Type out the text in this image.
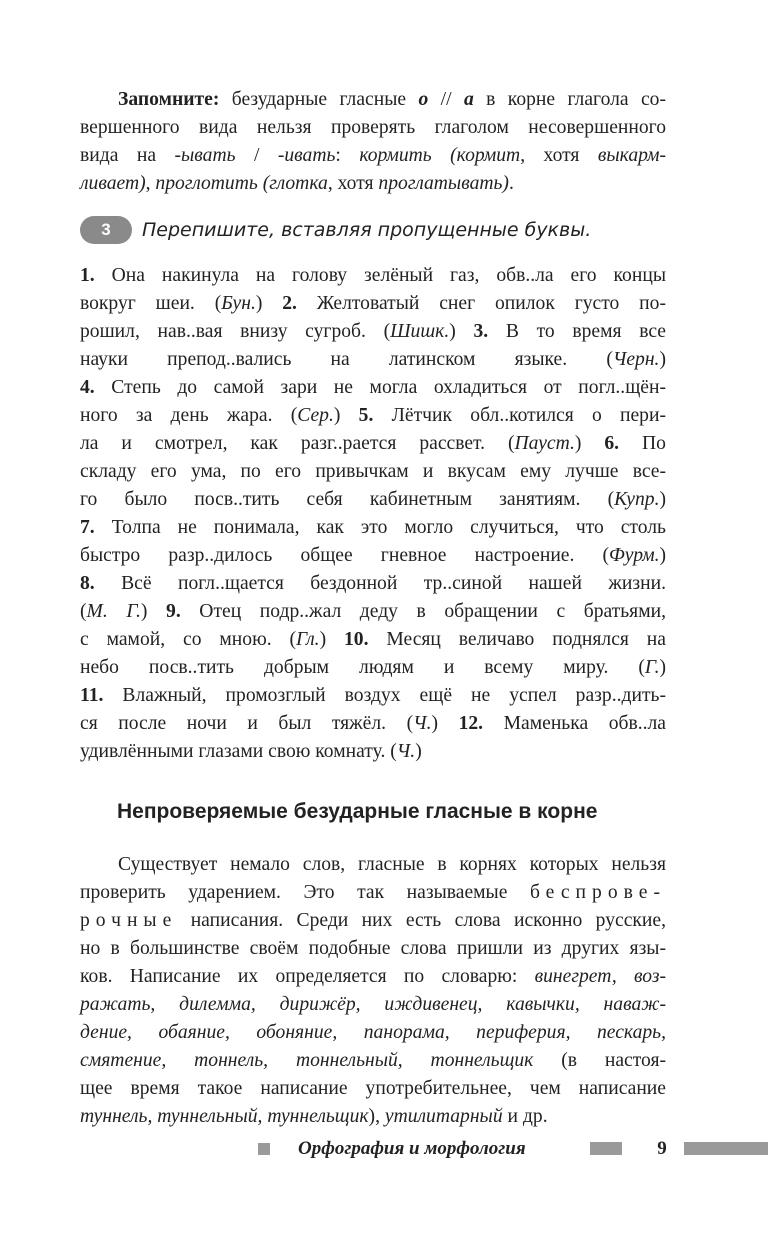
Запомните: безударные гласные о // а в корне глагола со-
вершенного вида нельзя проверять глаголом несовершенного
вида на -ывать / -ивать: кормить (кормит, хотя выкарм-
ливает), проглотить (глотка, хотя проглатывать).
3	Перепишите, вставляя пропущенные буквы.
1. Она накинула на голову зелёный газ, обв..ла его концы
вокруг шеи. (Бун.) 2. Желтоватый снег опилок густо по-
рошил, нав..вая внизу сугроб. (Шишк.) 3. В то время все
науки препод..вались на латинском языке. (Черн.)
4. Степь до самой зари не могла охладиться от погл..щён-
ного за день жара. (Сер.) 5. Лётчик обл..котился о пери-
ла и смотрел, как разг..рается рассвет. (Пауст.) 6. По
складу его ума, по его привычкам и вкусам ему лучше все-
го было посв..тить себя кабинетным занятиям. (Купр.)
7. Толпа не понимала, как это могло случиться, что столь
быстро разр..дилось общее гневное настроение. (Фурм.)
8. Всё погл..щается бездонной тр..синой нашей жизни.
(М. Г.) 9. Отец подр..жал деду в обращении с братьями,
с мамой, со мною. (Гл.) 10. Месяц величаво поднялся на
небо посв..тить добрым людям и всему миру. (Г.)
11. Влажный, промозглый воздух ещё не успел разр..дить-
ся после ночи и был тяжёл. (Ч.) 12. Маменька обв..ла
удивлёнными глазами свою комнату. (Ч.)
Непроверяемые безударные гласные в корне
Существует немало слов, гласные в корнях которых нельзя
проверить ударением. Это так называемые беспрове-
рочные написания. Среди них есть слова исконно русские,
но в большинстве своём подобные слова пришли из других язы-
ков. Написание их определяется по словарю: винегрет, воз-
ражать, дилемма, дирижёр, иждивенец, кавычки, наваж-
дение, обаяние, обоняние, панорама, периферия, пескарь,
смятение, тоннель, тоннельный, тоннельщик (в настоя-
щее время такое написание употребительнее, чем написание
туннель, туннельный, туннельщик), утилитарный и др.
Орфография и морфология	9
